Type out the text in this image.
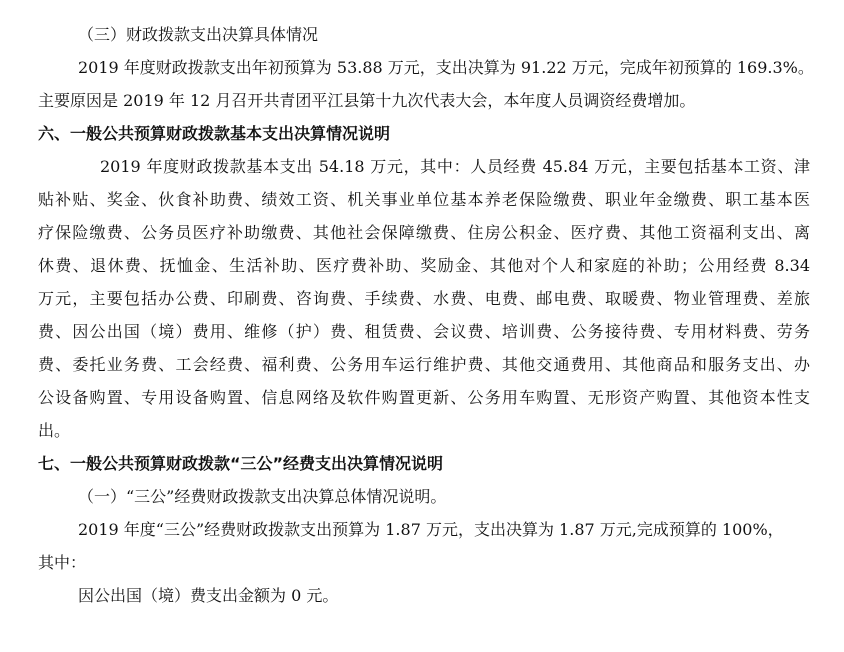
（三）财政拨款支出决算具体情况
2019 年度财政拨款支出年初预算为 53.88 万元，支出决算为 91.22 万元，完成年初预算的 169.3%。
主要原因是 2019 年 12 月召开共青团平江县第十九次代表大会，本年度人员调资经费增加。
六、一般公共预算财政拨款基本支出决算情况说明
2019 年度财政拨款基本支出 54.18 万元，其中：人员经费 45.84 万元，主要包括基本工资、津
贴补贴、奖金、伙食补助费、绩效工资、机关事业单位基本养老保险缴费、职业年金缴费、职工基本医
疗保险缴费、公务员医疗补助缴费、其他社会保障缴费、住房公积金、医疗费、其他工资福利支出、离
休费、退休费、抚恤金、生活补助、医疗费补助、奖励金、其他对个人和家庭的补助；公用经费 8.34
万元，主要包括办公费、印刷费、咨询费、手续费、水费、电费、邮电费、取暖费、物业管理费、差旅
费、因公出国（境）费用、维修（护）费、租赁费、会议费、培训费、公务接待费、专用材料费、劳务
费、委托业务费、工会经费、福利费、公务用车运行维护费、其他交通费用、其他商品和服务支出、办
公设备购置、专用设备购置、信息网络及软件购置更新、公务用车购置、无形资产购置、其他资本性支
出。
七、一般公共预算财政拨款“三公”经费支出决算情况说明
（一）“三公”经费财政拨款支出决算总体情况说明。
2019 年度“三公”经费财政拨款支出预算为 1.87 万元，支出决算为 1.87 万元,完成预算的 100%，
其中：
因公出国（境）费支出金额为 0 元。
